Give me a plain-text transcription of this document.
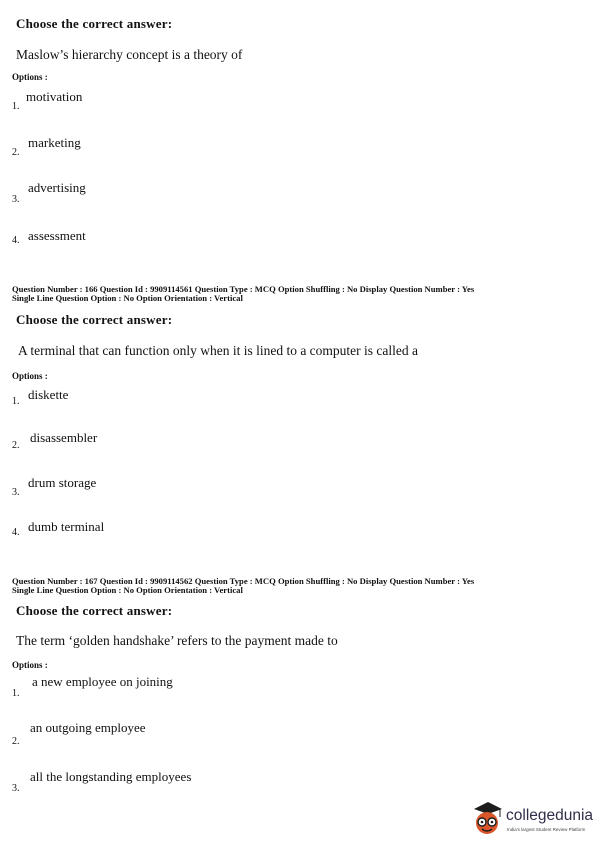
Choose the correct answer:
Maslow’s hierarchy concept is a theory of
Options :
1.
motivation
2.
marketing
3.
advertising
4. assessment
Question Number : 166 Question Id : 9909114561 Question Type : MCQ Option Shuffling : No Display Question Number : Yes
Single Line Question Option : No Option Orientation : Vertical
Choose the correct answer:
A terminal that can function only when it is lined to a computer is called a
Options :
1. diskette
2.
disassembler
3.
drum storage
4. dumb terminal
Question Number : 167 Question Id : 9909114562 Question Type : MCQ Option Shuffling : No Display Question Number : Yes
Single Line Question Option : No Option Orientation : Vertical
Choose the correct answer:
The term ‘golden handshake’ refers to the payment made to
Options :
1.
a new employee on joining
2.
an outgoing employee
3.
all the longstanding employees
collegedunia
India's largest Student Review Platform
